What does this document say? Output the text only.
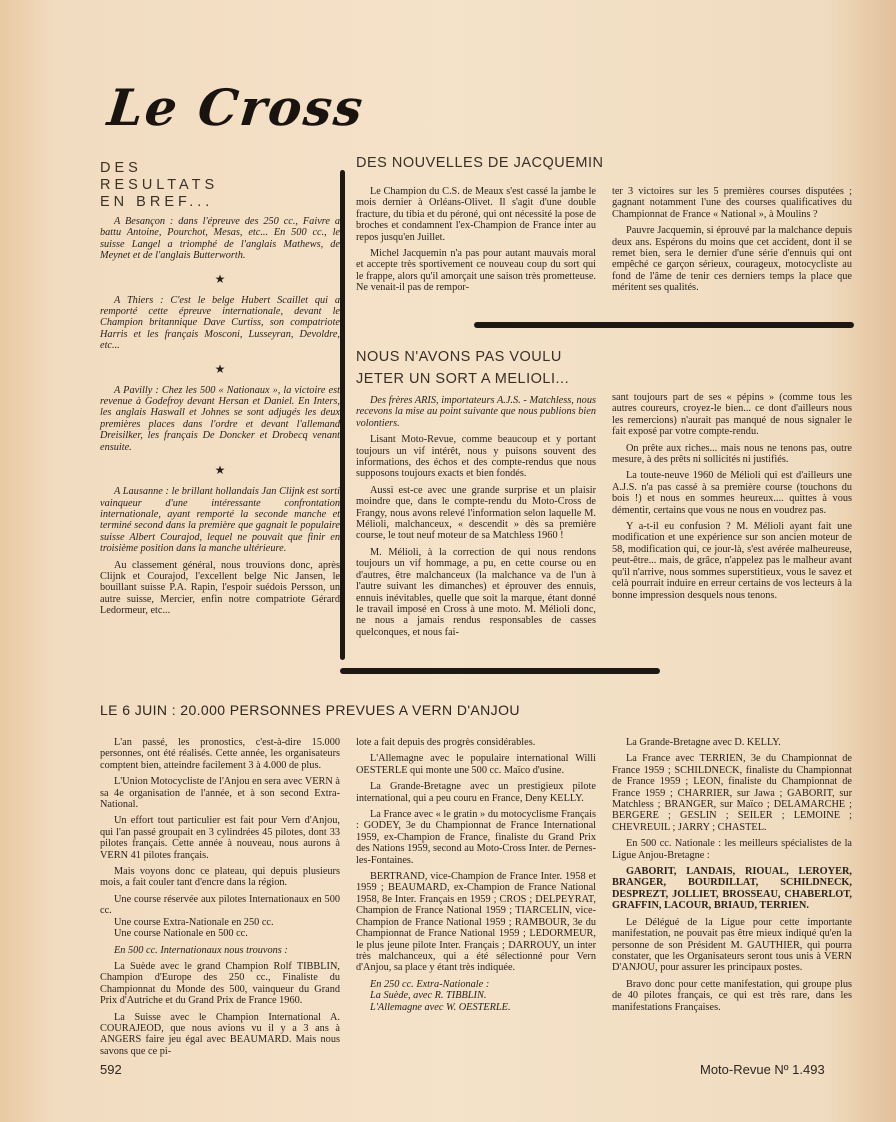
Le Cross
DES
RESULTATS
EN BREF...

A Besançon : dans l'épreuve des 250 cc., Faivre a battu Antoine, Pourchot, Mesas, etc... En 500 cc., le suisse Langel a triomphé de l'anglais Mathews, de Meynet et de l'anglais Butterworth.

★

A Thiers : C'est le belge Hubert Scaillet qui a remporté cette épreuve internationale, devant le Champion britannique Dave Curtiss, son compatriote Harris et les français Mosconi, Lusseyran, Devoldre, etc...

★

A Pavilly : Chez les 500 « Nationaux », la victoire est revenue à Godefroy devant Hersan et Daniel. En Inters, les anglais Haswall et Johnes se sont adjugés les deux premières places dans l'ordre et devant l'allemand Dreisilker, les français De Doncker et Drobecq venant ensuite.

★

A Lausanne : le brillant hollandais Jan Clijnk est sorti vainqueur d'une intéressante confrontation internationale, ayant remporté la seconde manche et terminé second dans la première que gagnait le populaire suisse Albert Courajod, lequel ne pouvait que finir en troisième position dans la manche ultérieure.

Au classement général, nous trouvions donc, après Clijnk et Courajod, l'excellent belge Nic Jansen, le bouillant suisse P.A. Rapin, l'espoir suédois Persson, un autre suisse, Mercier, enfin notre compatriote Gérard Ledormeur, etc...

DES NOUVELLES DE JACQUEMIN

Le Champion du C.S. de Meaux s'est cassé la jambe le mois dernier à Orléans-Olivet. Il s'agit d'une double fracture, du tibia et du péroné, qui ont nécessité la pose de broches et condamnent l'ex-Champion de France inter au repos jusqu'en Juillet.

Michel Jacquemin n'a pas pour autant mauvais moral et accepte très sportivement ce nouveau coup du sort qui le frappe, alors qu'il amorçait une saison très prometteuse. Ne venait-il pas de rempor-

ter 3 victoires sur les 5 premières courses disputées ; gagnant notamment l'une des courses qualificatives du Championnat de France « National », à Moulins ?

Pauvre Jacquemin, si éprouvé par la malchance depuis deux ans. Espérons du moins que cet accident, dont il se remet bien, sera le dernier d'une série d'ennuis qui ont empêché ce garçon sérieux, courageux, motocycliste au fond de l'âme de tenir ces derniers temps la place que méritent ses qualités.

NOUS N'AVONS PAS VOULU
JETER UN SORT A MELIOLI...

Des frères ARIS, importateurs A.J.S. - Matchless, nous recevons la mise au point suivante que nous publions bien volontiers.

Lisant Moto-Revue, comme beaucoup et y portant toujours un vif intérêt, nous y puisons souvent des informations, des échos et des compte-rendus que nous supposons toujours exacts et bien fondés.

Aussi est-ce avec une grande surprise et un plaisir moindre que, dans le compte-rendu du Moto-Cross de Frangy, nous avons relevé l'information selon laquelle M. Mélioli, malchanceux, « descendit » dès sa première course, le tout neuf moteur de sa Matchless 1960 !

M. Mélioli, à la correction de qui nous rendons toujours un vif hommage, a pu, en cette course ou en d'autres, être malchanceux (la malchance va de l'un à l'autre suivant les dimanches) et éprouver des ennuis, ennuis inévitables, quelle que soit la marque, étant donné le travail imposé en Cross à une moto. M. Mélioli donc, ne nous a jamais rendus responsables de casses quelconques, et nous fai-

sant toujours part de ses « pépins » (comme tous les autres coureurs, croyez-le bien... ce dont d'ailleurs nous les remercions) n'aurait pas manqué de nous signaler le fait exposé par votre compte-rendu.

On prête aux riches... mais nous ne tenons pas, outre mesure, à des prêts ni sollicités ni justifiés.

La toute-neuve 1960 de Mélioli qui est d'ailleurs une A.J.S. n'a pas cassé à sa première course (touchons du bois !) et nous en sommes heureux.... quittes à vous démentir, certains que vous ne nous en voudrez pas.

Y a-t-il eu confusion ? M. Mélioli ayant fait une modification et une expérience sur son ancien moteur de 58, modification qui, ce jour-là, s'est avérée malheureuse, peut-être... mais, de grâce, n'appelez pas le malheur avant qu'il n'arrive, nous sommes superstitieux, vous le savez et celà pourrait induire en erreur certains de vos lecteurs à la bonne impression desquels nous tenons.

LE 6 JUIN : 20.000 PERSONNES PREVUES A VERN D'ANJOU

L'an passé, les pronostics, c'est-à-dire 15.000 personnes, ont été réalisés. Cette année, les organisateurs comptent bien, atteindre facilement 3 à 4.000 de plus.

L'Union Motocycliste de l'Anjou en sera avec VERN à sa 4e organisation de l'année, et à son second Extra-National.

Un effort tout particulier est fait pour Vern d'Anjou, qui l'an passé groupait en 3 cylindrées 45 pilotes, dont 33 pilotes français. Cette année à nouveau, nous aurons à VERN 41 pilotes français.

Mais voyons donc ce plateau, qui depuis plusieurs mois, a fait couler tant d'encre dans la région.

Une course réservée aux pilotes Internationaux en 500 cc.

Une course Extra-Nationale en 250 cc.

Une course Nationale en 500 cc.

En 500 cc. Internationaux nous trouvons :

La Suède avec le grand Champion Rolf TIBBLIN, Champion d'Europe des 250 cc., Finaliste du Championnat du Monde des 500, vainqueur du Grand Prix d'Autriche et du Grand Prix de France 1960.

La Suisse avec le Champion International A. COURAJEOD, que nous avions vu il y a 3 ans à ANGERS faire jeu égal avec BEAUMARD. Mais nous savons que ce pi-

lote a fait depuis des progrès considérables.

L'Allemagne avec le populaire international Willi OESTERLE qui monte une 500 cc. Maïco d'usine.

La Grande-Bretagne avec un prestigieux pilote international, qui a peu couru en France, Deny KELLY.

La France avec « le gratin » du motocyclisme Français : GODEY, 3e du Championnat de France International 1959, ex-Champion de France, finaliste du Grand Prix des Nations 1959, second au Moto-Cross Inter. de Pernes-les-Fontaines.

BERTRAND, vice-Champion de France Inter. 1958 et 1959 ; BEAUMARD, ex-Champion de France National 1958, 8e Inter. Français en 1959 ; CROS ; DELPEYRAT, Champion de France National 1959 ; TIARCELIN, vice-Champion de France National 1959 ; RAMBOUR, 3e du Championnat de France National 1959 ; LEDORMEUR, le plus jeune pilote Inter. Français ; DARROUY, un inter très malchanceux, qui a été sélectionné pour Vern d'Anjou, sa place y étant très indiquée.

En 250 cc. Extra-Nationale :

La Suède, avec R. TIBBLIN.

L'Allemagne avec W. OESTERLE.

La Grande-Bretagne avec D. KELLY.

La France avec TERRIEN, 3e du Championnat de France 1959 ; SCHILDNECK, finaliste du Championnat de France 1959 ; LEON, finaliste du Championnat de France 1959 ; CHARRIER, sur Jawa ; GABORIT, sur Matchless ; BRANGER, sur Maïco ; DELAMARCHE ; BERGERE ; GESLIN ; SEILER ; LEMOINE ; CHEVREUIL ; JARRY ; CHASTEL.

En 500 cc. Nationale : les meilleurs spécialistes de la Ligue Anjou-Bretagne :

GABORIT, LANDAIS, RIOUAL, LEROYER, BRANGER, BOURDILLAT, SCHILDNECK, DESPREZT, JOLLIET, BROSSEAU, CHABERLOT, GRAFFIN, LACOUR, BRIAUD, TERRIEN.

Le Délégué de la Ligue pour cette importante manifestation, ne pouvait pas être mieux indiqué qu'en la personne de son Président M. GAUTHIER, qui pourra constater, que les Organisateurs seront tous unis à VERN D'ANJOU, pour assurer les principaux postes.

Bravo donc pour cette manifestation, qui groupe plus de 40 pilotes français, ce qui est très rare, dans les manifestations Françaises.

592	Moto-Revue Nº 1.493
